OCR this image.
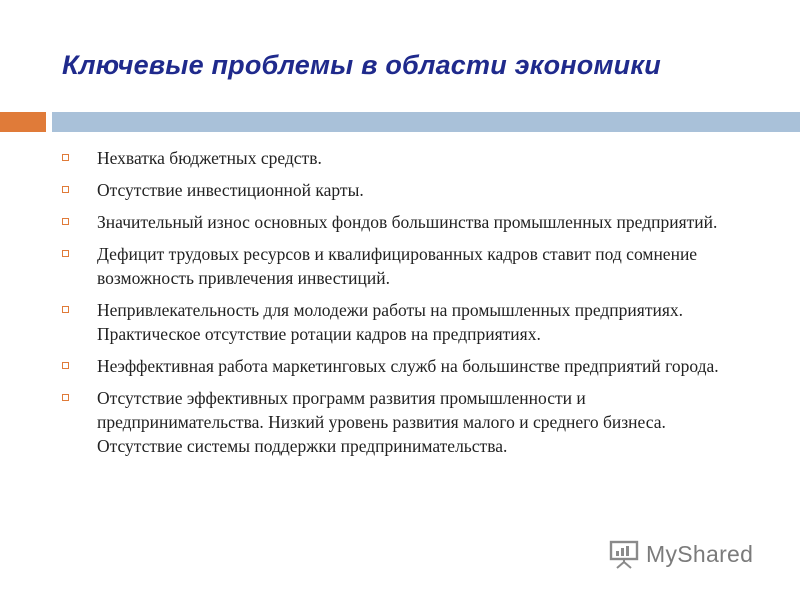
Ключевые проблемы в области экономики
Нехватка бюджетных средств.
Отсутствие инвестиционной карты.
Значительный износ основных фондов большинства промышленных предприятий.
Дефицит трудовых ресурсов и квалифицированных кадров ставит под сомнение возможность привлечения инвестиций.
Непривлекательность для молодежи работы на промышленных предприятиях. Практическое отсутствие ротации кадров на предприятиях.
Неэффективная работа маркетинговых служб на большинстве предприятий города.
Отсутствие эффективных программ развития промышленности и предпринимательства. Низкий уровень развития малого и среднего бизнеса. Отсутствие системы поддержки предпринимательства.
MyShared
